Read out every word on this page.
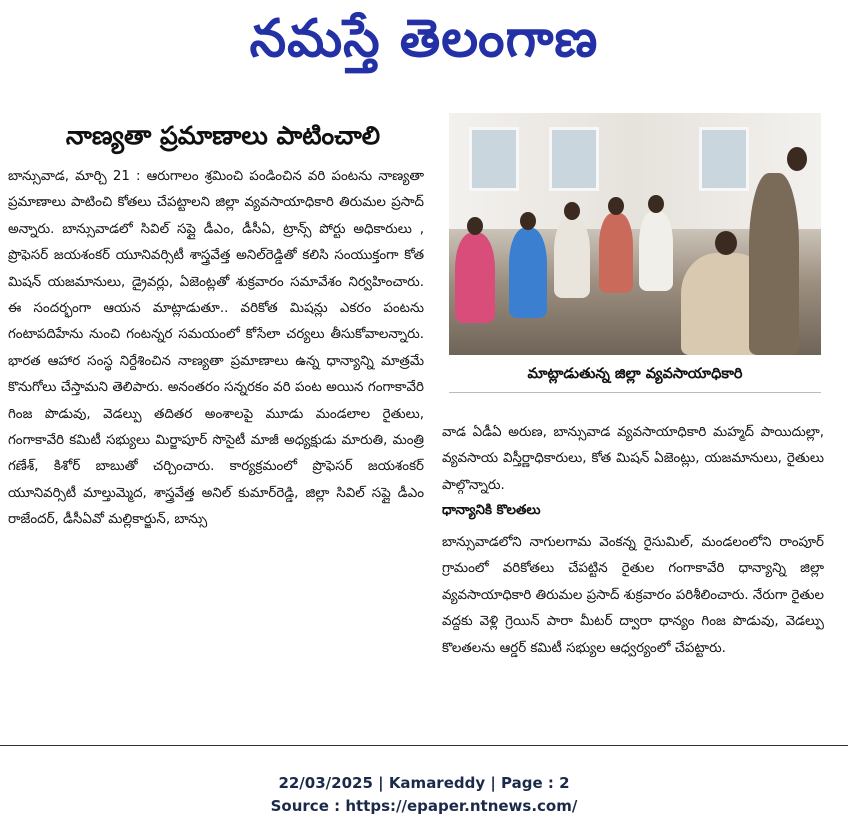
నమస్తే తెలంగాణ
నాణ్యతా ప్రమాణాలు పాటించాలి
బాన్సువాడ, మార్చి 21 : ఆరుగాలం శ్రమించి పండించిన వరి పంటను నాణ్యతా ప్రమాణాలు పాటించి కోతలు చేపట్టాలని జిల్లా వ్యవసాయాధికారి తిరుమల ప్రసాద్ అన్నారు. బాన్సువాడలో సివిల్ సప్లై డీఎం, డీసీఏ, ట్రాన్స్ పోర్టు అధికారులు , ప్రొఫెసర్ జయశంకర్ యూనివర్సిటీ శాస్త్రవేత్త అనిల్‌రెడ్డితో కలిసి సంయుక్తంగా కోత మిషన్ యజమానులు, డ్రైవర్లు, ఏజెంట్లతో శుక్రవారం సమావేశం నిర్వహించారు. ఈ సందర్భంగా ఆయన మాట్లాడుతూ.. వరికోత మిషన్లు ఎకరం పంటను గంటాపదిహేను నుంచి గంటన్నర సమయంలో కోసేలా చర్యలు తీసుకోవాలన్నారు. భారత ఆహార సంస్థ నిర్దేశించిన నాణ్యతా ప్రమాణాలు ఉన్న ధాన్యాన్ని మాత్రమే కొనుగోలు చేస్తామని తెలిపారు. అనంతరం సన్నరకం వరి పంట అయిన గంగాకావేరి గింజ పొడువు, వెడల్పు తదితర అంశాలపై మూడు మండలాల రైతులు, గంగాకావేరి కమిటీ సభ్యులు మిర్జాపూర్ సొసైటీ మాజీ అధ్యక్షుడు మారుతి, మంత్రి గణేశ్, కిశోర్ బాబుతో చర్చించారు. కార్యక్రమంలో ప్రొఫెసర్ జయశంకర్ యూనివర్సిటీ మాల్తుమ్మెద, శాస్త్రవేత్త అనిల్ కుమార్‌రెడ్డి, జిల్లా సివిల్ సప్లై డీఎం రాజేందర్, డీసీఏవో మల్లికార్జున్, బాన్సు
మాట్లాడుతున్న జిల్లా వ్యవసాయాధికారి
వాడ ఏడీఏ అరుణ, బాన్సువాడ వ్యవసాయాధికారి మహ్మద్ పాయిదుల్లా, వ్యవసాయ విస్తీర్ణాధికారులు, కోత మిషన్ ఏజెంట్లు, యజమానులు, రైతులు పాల్గొన్నారు.
ధాన్యానికి కొలతలు
బాన్సువాడలోని నాగులగామ వెంకన్న రైసుమిల్, మండలంలోని రాంపూర్ గ్రామంలో వరికోతలు చేపట్టిన రైతుల గంగాకావేరి ధాన్యాన్ని జిల్లా వ్యవసాయాధికారి తిరుమల ప్రసాద్ శుక్రవారం పరిశీలించారు. నేరుగా రైతుల వద్దకు వెళ్లి గ్రెయిన్ పారా మీటర్ ద్వారా ధాన్యం గింజ పొడువు, వెడల్పు కొలతలను ఆర్డర్ కమిటీ సభ్యుల ఆధ్వర్యంలో చేపట్టారు.
22/03/2025 | Kamareddy | Page : 2
Source : https://epaper.ntnews.com/
